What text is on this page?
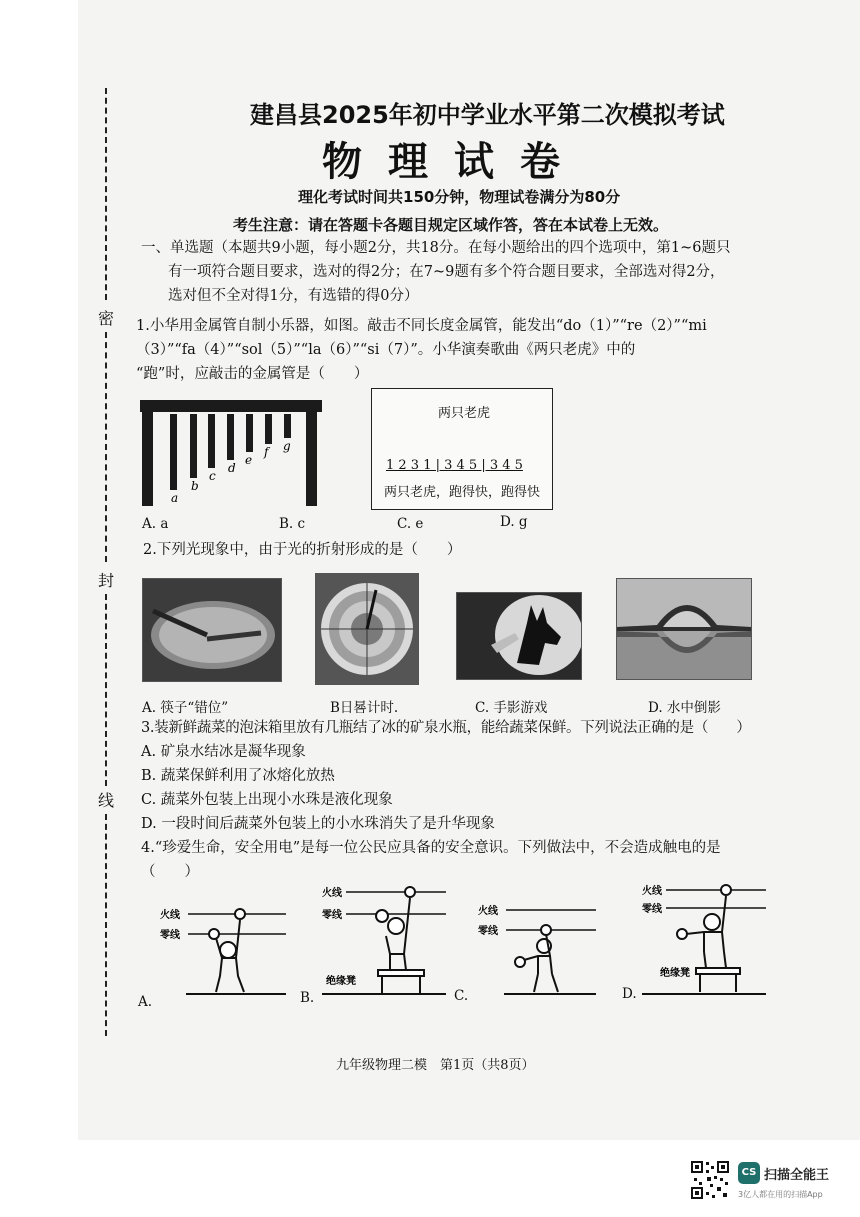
密
封
线
建昌县2025年初中学业水平第二次模拟考试
物理试卷
理化考试时间共150分钟，物理试卷满分为80分
考生注意：请在答题卡各题目规定区域作答，答在本试卷上无效。
一、单选题（本题共9小题，每小题2分，共18分。在每小题给出的四个选项中，第1~6题只
有一项符合题目要求，选对的得2分；在7~9题有多个符合题目要求，全部选对得2分，
选对但不全对得1分，有选错的得0分）
1.小华用金属管自制小乐器，如图。敲击不同长度金属管，能发出“do（1）”“re（2）”“mi
（3）”“fa（4）”“sol（5）”“la（6）”“si（7）”。小华演奏歌曲《两只老虎》中的
“跑”时，应敲击的金属管是（　　）
a
b
c
d
e
f g
两只老虎
1 2 3 1 | 3 4 5 | 3 4 5
两只老虎，跑得快，跑得快
A. a	B. c	C. e	D. g
2.下列光现象中，由于光的折射形成的是（　　）
A. 筷子“错位”	B日晷计时.	C. 手影游戏	D. 水中倒影
3.装新鲜蔬菜的泡沫箱里放有几瓶结了冰的矿泉水瓶，能给蔬菜保鲜。下列说法正确的是（　　）
A. 矿泉水结冰是凝华现象
B. 蔬菜保鲜利用了冰熔化放热
C. 蔬菜外包装上出现小水珠是液化现象
D. 一段时间后蔬菜外包装上的小水珠消失了是升华现象
4.“珍爱生命，安全用电”是每一位公民应具备的安全意识。下列做法中，不会造成触电的是
（　　）
火线
零线
A.
火线
零线
绝缘凳
B.
火线
零线
C.
火线
零线
绝缘凳
D.
九年级物理二模　第1页（共8页）
CS 扫描全能王
3亿人都在用的扫描App
